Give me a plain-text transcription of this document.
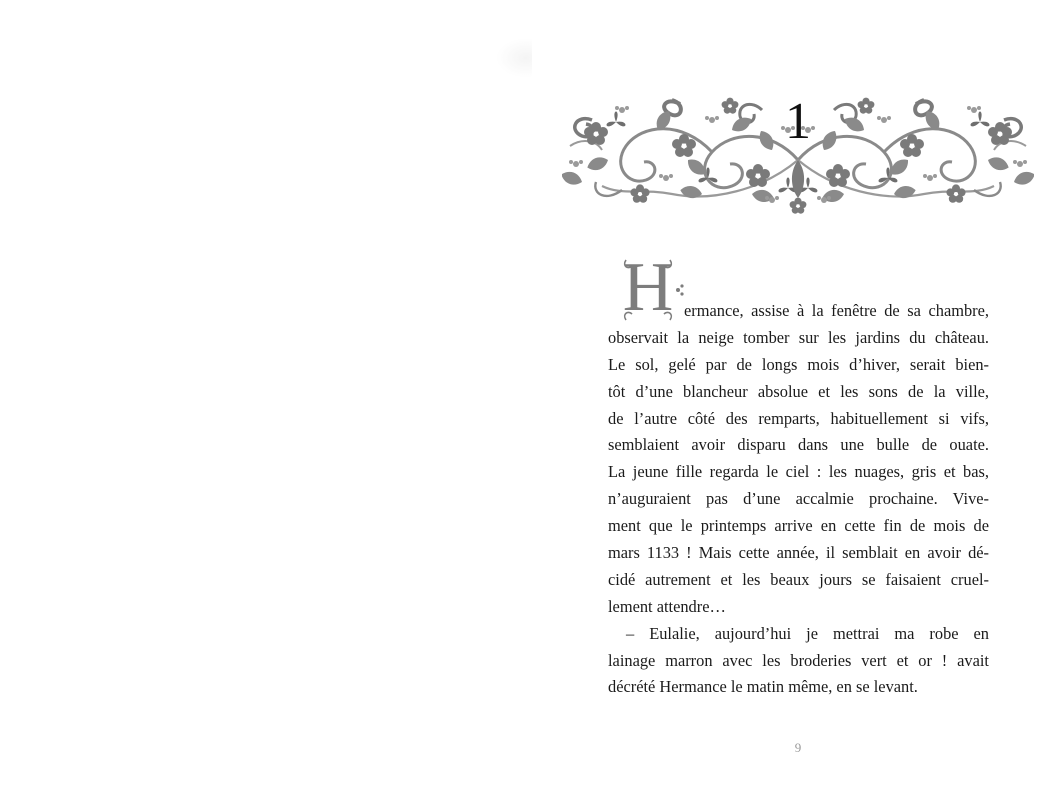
1
H ermance, assise à la fenêtre de sa chambre,
observait la neige tomber sur les jardins du château.
Le sol, gelé par de longs mois d’hiver, serait bien-
tôt d’une blancheur absolue et les sons de la ville,
de l’autre côté des remparts, habituellement si vifs,
semblaient avoir disparu dans une bulle de ouate.
La jeune fille regarda le ciel : les nuages, gris et bas,
n’auguraient pas d’une accalmie prochaine. Vive-
ment que le printemps arrive en cette fin de mois de
mars 1133 ! Mais cette année, il semblait en avoir dé-
cidé autrement et les beaux jours se faisaient cruel-
lement attendre…
– Eulalie, aujourd’hui je mettrai ma robe en
lainage marron avec les broderies vert et or ! avait
décrété Hermance le matin même, en se levant.
9
